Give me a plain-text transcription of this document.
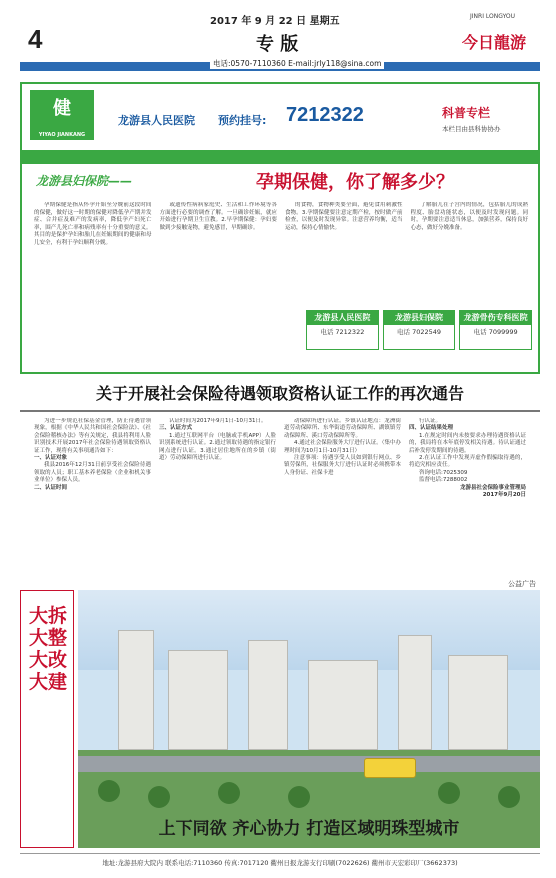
2017 年 9 月 22 日 星期五
4	专 版
JINRI LONGYOU
今日龍游
电话:0570-7110360 E-mail:jrly118@sina.com
健
YIYAO JIANKANG
龙游县人民医院 预约挂号: 7212322	科普专栏
本栏目由县科协协办
龙游县妇保院——	孕期保健，你了解多少？
孕期保健是指从怀孕开始至分娩前这段时间的保健，做好这一时期的保健对降低孕产期并发症、合并症及难产的发病率，降低孕产妇死亡率，围产儿死亡率和病残率有十分重要的意义。其目的是保护孕妇和胎儿在妊娠期间的健康和母儿安全，有利于孕妇顺利分娩。
或遗传性病病家庭史、生活和工作环境等各方面进行必要的调查了解。一旦确诊妊娠，就应开始进行孕期卫生宣教。2.早孕期保健：孕妇要做到少接触宠物，避免感冒，早期确诊。
的食物，食物种类要全面，避免食用刺激性食物。3.孕期保健要注意定期产检，按时做产前检查，以便及时发现异常。注意营养均衡，适当运动，保持心情愉快。
了解胎儿在子宫内的情况，包括胎儿的成熟程度、胎盘功能状态，以便及时发现问题。同时，孕期要注意适当休息，加强营养，保持良好心态，做好分娩准备。
龙游县人民医院
电话 7212322
龙游县妇保院
电话 7022549
龙游骨伤专科医院
电话 7099999
关于开展社会保险待遇领取资格认证工作的再次通告

为进一步规范社保基金管理，防止待遇冒领现象，根据《中华人民共和国社会保险法》、《社会保险稽核办法》等有关规定，我县将利用人脸识别技术开展2017年社会保险待遇领取资格认证工作，现将有关事项通告如下：

一、认证对象

我县2016年12月31日前享受社会保险待遇领取的人员；职工基本养老保险（企业和机关事业单位）参保人员。

二、认证时间

认证时间为2017年9月1日-10月31日。

三、认证方式

1.通过互联网平台（电脑或手机APP）人脸识别系统进行认证。2.通过领取待遇的指定银行网点进行认证。3.通过居住地所在的乡镇（街道）劳动保障所进行认证。

动保障所进行认证。乡镇认证地点：龙洲街道劳动保障所、东华街道劳动保障所、湖镇镇劳动保障所、溪口劳动保障所等。

4.通过社会保险服务大厅进行认证。（集中办理时间为10月1日-10月31日）

注意事项：待遇享受人员如到银行网点、乡镇劳保所，社保服务大厅进行认证时必须携带本人身份证、社保卡进

行认证。

四、认证结果处理

1.在规定时间内未按要求办理待遇资格认证的，我局将在本年底停发相关待遇。待认证通过后补发停发期间的待遇。

2.在认证工作中发现弄虚作假骗取待遇的，将追究相应责任。

咨询电话:7025309

监督电话:7288002

龙游县社会保险事业管理局

2017年9月20日

公益广告
大拆大整 大改大建
上下同欲 齐心协力 打造区域明珠型城市
地址:龙游县府大院内 联系电话:7110360 传真:7017120 衢州日报龙游支行印刷(7022626) 衢州市天宏彩印厂(3662373)
